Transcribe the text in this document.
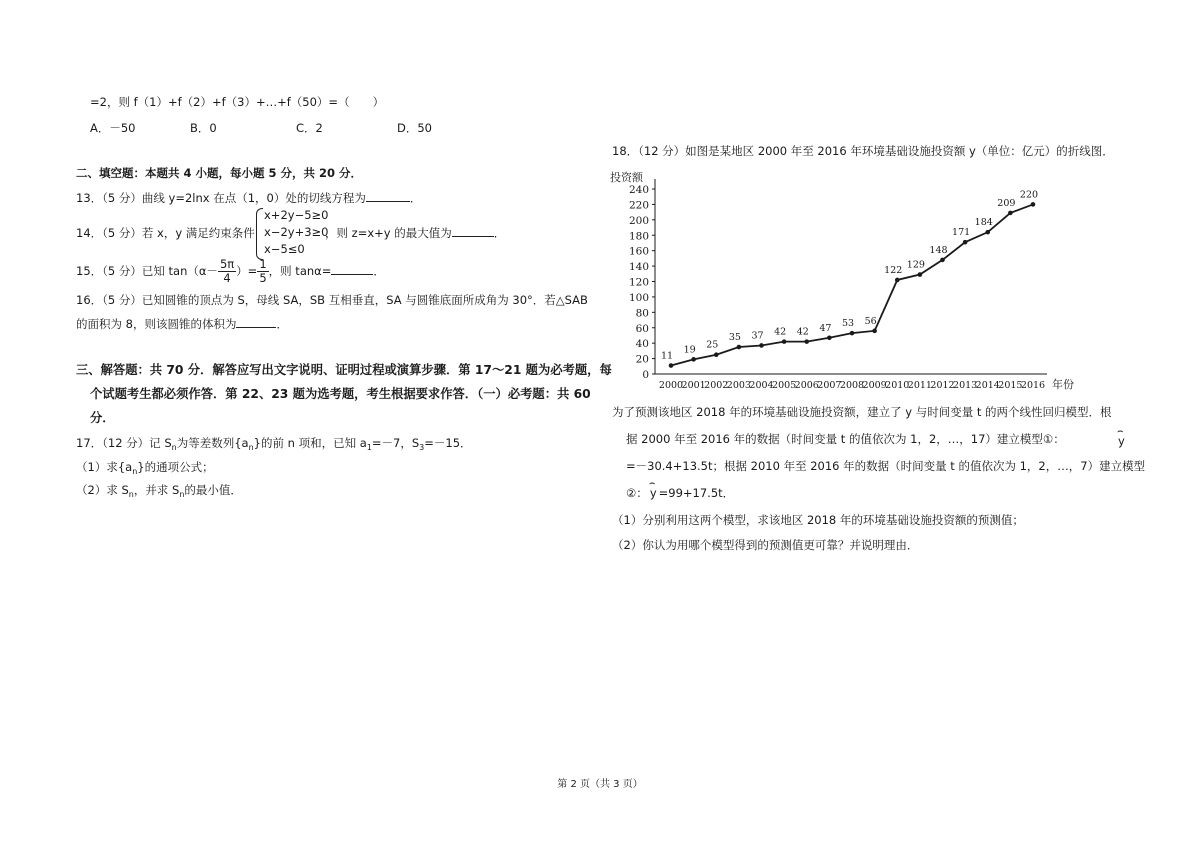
=2，则 f（1）+f（2）+f（3）+…+f（50）=（　　）
A．－50	B．0	C．2	D．50
二、填空题：本题共 4 小题，每小题 5 分，共 20 分．
13．（5 分）曲线 y=2lnx 在点（1，0）处的切线方程为	．
14．（5 分）若 x，y 满足约束条件
x+2y−5≥0
x−2y+3≥0
x−5≤0
，则 z=x+y 的最大值为	．
15．（5 分）已知 $\tan(\alpha- \frac{5\pi}{4}$ ）= $\frac{1}{5}$ ，则 tanα=	．
16．（5 分）已知圆锥的顶点为 S，母线 SA，SB 互相垂直，SA 与圆锥底面所成角为 30°．若△SAB
的面积为 8，则该圆锥的体积为	．
三、解答题：共 70 分．解答应写出文字说明、证明过程或演算步骤．第 17～21 题为必考题，每
个试题考生都必须作答．第 22、23 题为选考题，考生根据要求作答．（一）必考题：共 60
分．
17．（12 分）记 $S_n$为等差数列$\{a_n\}$的前 n 项和，已知 $a_1=-7$，$S_3=-15$．
（1）求$\{a_n\}$的通项公式；
（2）求 $S_n$，并求 $S_n$的最小值．
18．（12 分）如图是某地区 2000 年至 2016 年环境基础设施投资额 y（单位：亿元）的折线图．
投资额
0
20
40
60
80
100
120
140
160
180
200
220
240
11
19 25
35 37 42 42 47 53 56
122 129
148
171
184
209
220
2000
2001
2002
2003
2004
2005
2006
2007
2008
2009
2010
2011
2012
2013
2014
2015
2016 年份
为了预测该地区 2018 年的环境基础设施投资额，建立了 y 与时间变量 t 的两个线性回归模型．根
据 2000 年至 2016 年的数据（时间变量 t 的值依次为 1，2，…，17）建立模型①：	⌢ y
=－30.4+13.5t；根据 2010 年至 2016 年的数据（时间变量 t 的值依次为 1，2，…，7）建立模型
②： ⌢ y =99+17.5t．
（1）分别利用这两个模型，求该地区 2018 年的环境基础设施投资额的预测值；
（2）你认为用哪个模型得到的预测值更可靠？并说明理由．
第 2 页（共 3 页）
